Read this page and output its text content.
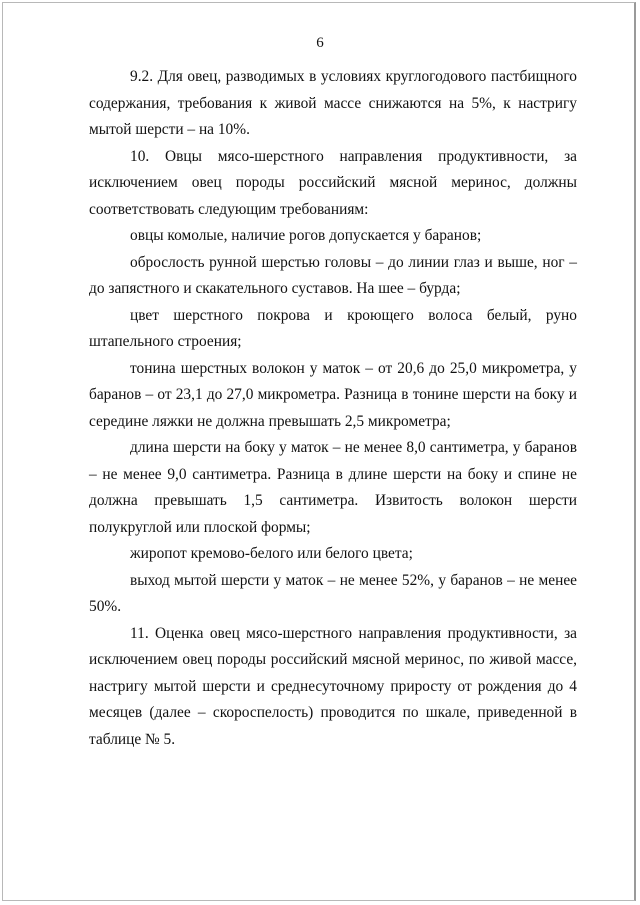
6

9.2. Для овец, разводимых в условиях круглогодового пастбищного содержания, требования к живой массе снижаются на 5%, к настригу мытой шерсти – на 10%.

10. Овцы мясо-шерстного направления продуктивности, за исключением овец породы российский мясной меринос, должны соответствовать следующим требованиям:

овцы комолые, наличие рогов допускается у баранов;

оброслость рунной шерстью головы – до линии глаз и выше, ног – до запястного и скакательного суставов. На шее – бурда;

цвет шерстного покрова и кроющего волоса белый, руно штапельного строения;

тонина шерстных волокон у маток – от 20,6 до 25,0 микрометра, у баранов – от 23,1 до 27,0 микрометра. Разница в тонине шерсти на боку и середине ляжки не должна превышать 2,5 микрометра;

длина шерсти на боку у маток – не менее 8,0 сантиметра, у баранов – не менее 9,0 сантиметра. Разница в длине шерсти на боку и спине не должна превышать 1,5 сантиметра. Извитость волокон шерсти полукруглой или плоской формы;

жиропот кремово-белого или белого цвета;

выход мытой шерсти у маток – не менее 52%, у баранов – не менее 50%.

11. Оценка овец мясо-шерстного направления продуктивности, за исключением овец породы российский мясной меринос, по живой массе, настригу мытой шерсти и среднесуточному приросту от рождения до 4 месяцев (далее – скороспелость) проводится по шкале, приведенной в таблице № 5.
